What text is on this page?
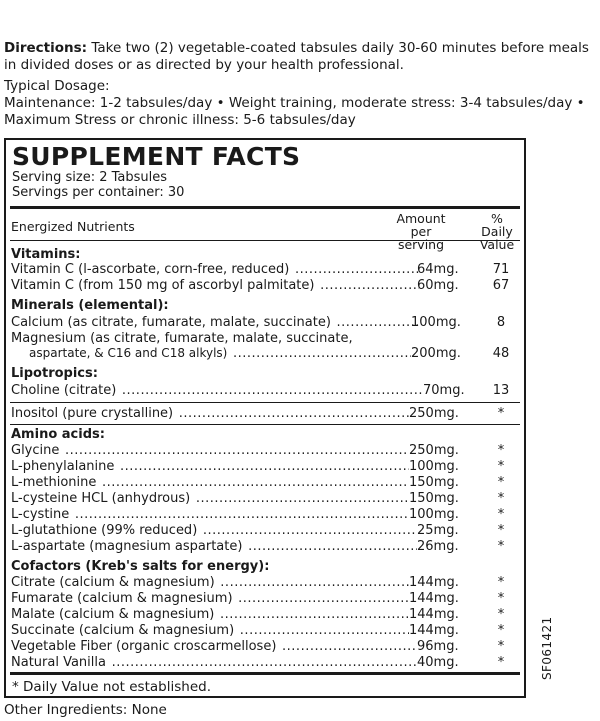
Directions: Take two (2) vegetable-coated tabsules daily 30-60 minutes before meals in divided doses or as directed by your health professional.
Typical Dosage:
Maintenance: 1-2 tabsules/day • Weight training, moderate stress: 3-4 tabsules/day •
Maximum Stress or chronic illness: 5-6 tabsules/day
SUPPLEMENT FACTS
Serving size: 2 Tabsules
Servings per container: 30
Energized Nutrients
Amount
per serving
% Daily
Value
Vitamins:
Vitamin C (l-ascorbate, corn-free, reduced) .....	64mg.	71
Vitamin C (from 150 mg of ascorbyl palmitate) .....	60mg.	67
Minerals (elemental):
Calcium (as citrate, fumarate, malate, succinate) .....	100mg.	8
Magnesium (as citrate, fumarate, malate, succinate,
aspartate, & C16 and C18 alkyls) .....	200mg.	48
Lipotropics:
Choline (citrate) .....	70mg.	13
Inositol (pure crystalline) .....	250mg.	*
Amino acids:
Glycine .....	250mg.	*
L-phenylalanine .....	100mg.	*
L-methionine .....	150mg.	*
L-cysteine HCL (anhydrous) .....	150mg.	*
L-cystine .....	100mg.	*
L-glutathione (99% reduced) .....	25mg.	*
L-aspartate (magnesium aspartate) .....	26mg.	*
Cofactors (Kreb's salts for energy):
Citrate (calcium & magnesium) .....	144mg.	*
Fumarate (calcium & magnesium) .....	144mg.	*
Malate (calcium & magnesium) .....	144mg.	*
Succinate (calcium & magnesium) .....	144mg.	*
Vegetable Fiber (organic croscarmellose) .....	96mg.	*
Natural Vanilla .....	40mg.	*
* Daily Value not established.
SF061421
Other Ingredients: None
